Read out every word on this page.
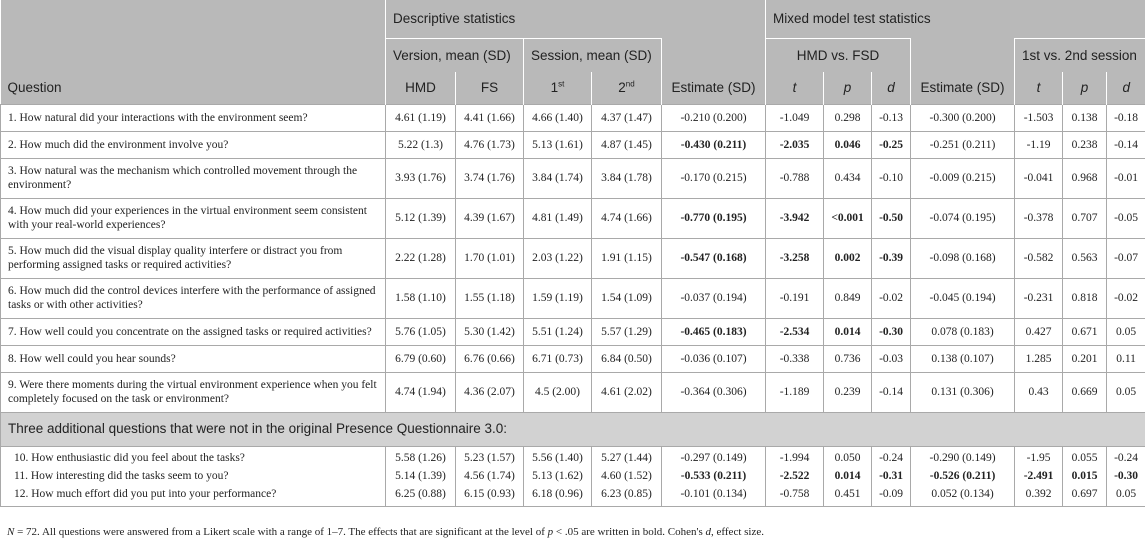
	Descriptive statistics					Mixed model test statistics						
	Version, mean (SD)		Session, mean (SD)			HMD vs. FSD				1st vs. 2nd session		
Question	HMD	FS	1st	2nd	Estimate (SD)	t	p	d	Estimate (SD)	t	p	d
1. How natural did your interactions with the environment seem?	4.61 (1.19)	4.41 (1.66)	4.66 (1.40)	4.37 (1.47)	-0.210 (0.200)	-1.049	0.298	-0.13	-0.300 (0.200)	-1.503	0.138	-0.18
2. How much did the environment involve you?	5.22 (1.3)	4.76 (1.73)	5.13 (1.61)	4.87 (1.45)	-0.430 (0.211)	-2.035	0.046	-0.25	-0.251 (0.211)	-1.19	0.238	-0.14
3. How natural was the mechanism which controlled movement through the environment?	3.93 (1.76)	3.74 (1.76)	3.84 (1.74)	3.84 (1.78)	-0.170 (0.215)	-0.788	0.434	-0.10	-0.009 (0.215)	-0.041	0.968	-0.01
4. How much did your experiences in the virtual environment seem consistent with your real-world experiences?	5.12 (1.39)	4.39 (1.67)	4.81 (1.49)	4.74 (1.66)	-0.770 (0.195)	-3.942	<0.001	-0.50	-0.074 (0.195)	-0.378	0.707	-0.05
5. How much did the visual display quality interfere or distract you from performing assigned tasks or required activities?	2.22 (1.28)	1.70 (1.01)	2.03 (1.22)	1.91 (1.15)	-0.547 (0.168)	-3.258	0.002	-0.39	-0.098 (0.168)	-0.582	0.563	-0.07
6. How much did the control devices interfere with the performance of assigned tasks or with other activities?	1.58 (1.10)	1.55 (1.18)	1.59 (1.19)	1.54 (1.09)	-0.037 (0.194)	-0.191	0.849	-0.02	-0.045 (0.194)	-0.231	0.818	-0.02
7. How well could you concentrate on the assigned tasks or required activities?	5.76 (1.05)	5.30 (1.42)	5.51 (1.24)	5.57 (1.29)	-0.465 (0.183)	-2.534	0.014	-0.30	0.078 (0.183)	0.427	0.671	0.05
8. How well could you hear sounds?	6.79 (0.60)	6.76 (0.66)	6.71 (0.73)	6.84 (0.50)	-0.036 (0.107)	-0.338	0.736	-0.03	0.138 (0.107)	1.285	0.201	0.11
9. Were there moments during the virtual environment experience when you felt completely focused on the task or environment?	4.74 (1.94)	4.36 (2.07)	4.5 (2.00)	4.61 (2.02)	-0.364 (0.306)	-1.189	0.239	-0.14	0.131 (0.306)	0.43	0.669	0.05
Three additional questions that were not in the original Presence Questionnaire 3.0:												
10. How enthusiastic did you feel about the tasks?	5.58 (1.26)	5.23 (1.57)	5.56 (1.40)	5.27 (1.44)	-0.297 (0.149)	-1.994	0.050	-0.24	-0.290 (0.149)	-1.95	0.055	-0.24
11. How interesting did the tasks seem to you?	5.14 (1.39)	4.56 (1.74)	5.13 (1.62)	4.60 (1.52)	-0.533 (0.211)	-2.522	0.014	-0.31	-0.526 (0.211)	-2.491	0.015	-0.30
12. How much effort did you put into your performance?	6.25 (0.88)	6.15 (0.93)	6.18 (0.96)	6.23 (0.85)	-0.101 (0.134)	-0.758	0.451	-0.09	0.052 (0.134)	0.392	0.697	0.05
N = 72. All questions were answered from a Likert scale with a range of 1–7. The effects that are significant at the level of p < .05 are written in bold. Cohen's d, effect size.
